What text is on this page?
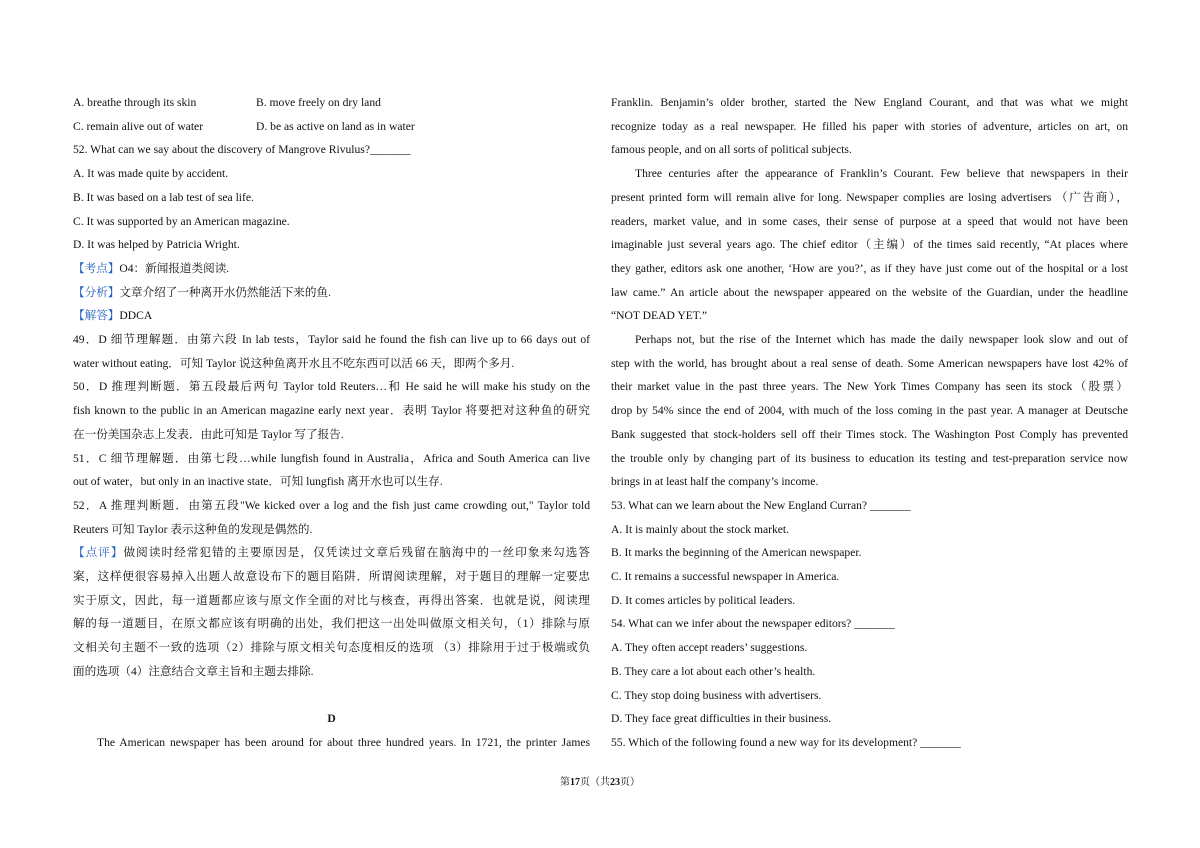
A. breathe through its skin	B. move freely on dry land
C. remain alive out of water	D. be as active on land as in water
52. What can we say about the discovery of Mangrove Rivulus?_______
A. It was made quite by accident.
B. It was based on a lab test of sea life.
C. It was supported by an American magazine.
D. It was helped by Patricia Wright.
【考点】O4：新闻报道类阅读.
【分析】文章介绍了一种离开水仍然能活下来的鱼.
【解答】DDCA
49．D 细节理解题．由第六段 In lab tests，Taylor said he found the fish can live up to 66 days out of
water without eating．可知 Taylor 说这种鱼离开水且不吃东西可以活 66 天，即两个多月.
50．D 推理判断题．第五段最后两句 Taylor told Reuters…和 He said he will make his study on the
fish known to the public in an American magazine early next year．表明 Taylor 将要把对这种鱼的研究
在一份美国杂志上发表．由此可知是 Taylor 写了报告.
51．C 细节理解题．由第七段…while lungfish found in Australia，Africa and South America can live
out of water，but only in an inactive state．可知 lungfish 离开水也可以生存.
52．A 推理判断题．由第五段"We kicked over a log and the fish just came crowding out," Taylor told
Reuters 可知 Taylor 表示这种鱼的发现是偶然的.
【点评】做阅读时经常犯错的主要原因是，仅凭读过文章后残留在脑海中的一丝印象来勾选答
案，这样便很容易掉入出题人故意设布下的题目陷阱．所谓阅读理解，对于题目的理解一定要忠
实于原文，因此，每一道题都应该与原文作全面的对比与核查，再得出答案．也就是说，阅读理
解的每一道题目，在原文都应该有明确的出处，我们把这一出处叫做原文相关句，（1）排除与原
文相关句主题不一致的选项（2）排除与原文相关句态度相反的选项 （3）排除用于过于极端或负
面的选项（4）注意结合文章主旨和主题去排除.
D
The American newspaper has been around for about three hundred years. In 1721, the printer James
Franklin. Benjamin’s older brother, started the New England Courant, and that was what we might
recognize today as a real newspaper. He filled his paper with stories of adventure, articles on art, on
famous people, and on all sorts of political subjects.
Three centuries after the appearance of Franklin’s Courant. Few believe that newspapers in their
present printed form will remain alive for long. Newspaper complies are losing advertisers （广告商），
readers, market value, and in some cases, their sense of purpose at a speed that would not have been
imaginable just several years ago. The chief editor（主编）of the times said recently, “At places where
they gather, editors ask one another, ‘How are you?’, as if they have just come out of the hospital or a lost
law came.” An article about the newspaper appeared on the website of the Guardian, under the headline
“NOT DEAD YET.”
Perhaps not, but the rise of the Internet which has made the daily newspaper look slow and out of
step with the world, has brought about a real sense of death. Some American newspapers have lost 42% of
their market value in the past three years. The New York Times Company has seen its stock（股票）
drop by 54% since the end of 2004, with much of the loss coming in the past year. A manager at Deutsche
Bank suggested that stock-holders sell off their Times stock. The Washington Post Comply has prevented
the trouble only by changing part of its business to education its testing and test-preparation service now
brings in at least half the company’s income.
53. What can we learn about the New England Curran? _______
A. It is mainly about the stock market.
B. It marks the beginning of the American newspaper.
C. It remains a successful newspaper in America.
D. It comes articles by political leaders.
54. What can we infer about the newspaper editors? _______
A. They often accept readers’ suggestions.
B. They care a lot about each other’s health.
C. They stop doing business with advertisers.
D. They face great difficulties in their business.
55. Which of the following found a new way for its development? _______
第17页（共23页）
